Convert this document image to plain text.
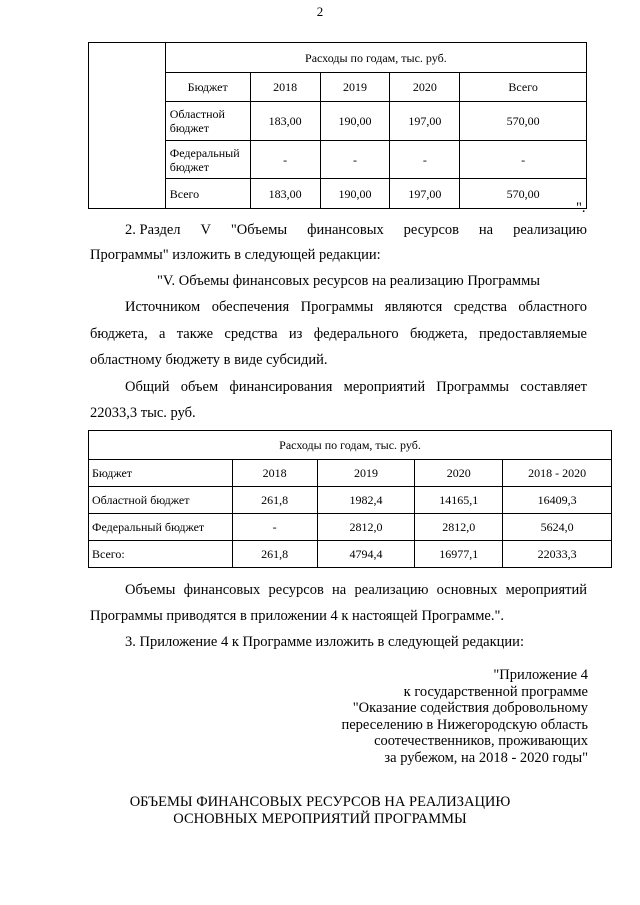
2
	Расходы по годам, тыс. руб.				
	Бюджет	2018	2019	2020	Всего
	Областной
бюджет	183,00	190,00	197,00	570,00
	Федеральный
бюджет	-	-	-	-
	Всего	183,00	190,00	197,00	570,00
".
2. Раздел V "Объемы финансовых ресурсов на реализацию
Программы" изложить в следующей редакции:
"V. Объемы финансовых ресурсов на реализацию Программы
Источником обеспечения Программы являются средства областного
бюджета, а также средства из федерального бюджета, предоставляемые
областному бюджету в виде субсидий.
Общий объем финансирования мероприятий Программы составляет
22033,3 тыс. руб.
Расходы по годам, тыс. руб.				
Бюджет	2018	2019	2020	2018 - 2020
Областной бюджет	261,8	1982,4	14165,1	16409,3
Федеральный бюджет	-	2812,0	2812,0	5624,0
Всего:	261,8	4794,4	16977,1	22033,3
Объемы финансовых ресурсов на реализацию основных мероприятий
Программы приводятся в приложении 4 к настоящей Программе.".
3. Приложение 4 к Программе изложить в следующей редакции:
"Приложение 4
к государственной программе
"Оказание содействия добровольному
переселению в Нижегородскую область
соотечественников, проживающих
за рубежом, на 2018 - 2020 годы"
ОБЪЕМЫ ФИНАНСОВЫХ РЕСУРСОВ НА РЕАЛИЗАЦИЮ
ОСНОВНЫХ МЕРОПРИЯТИЙ ПРОГРАММЫ
